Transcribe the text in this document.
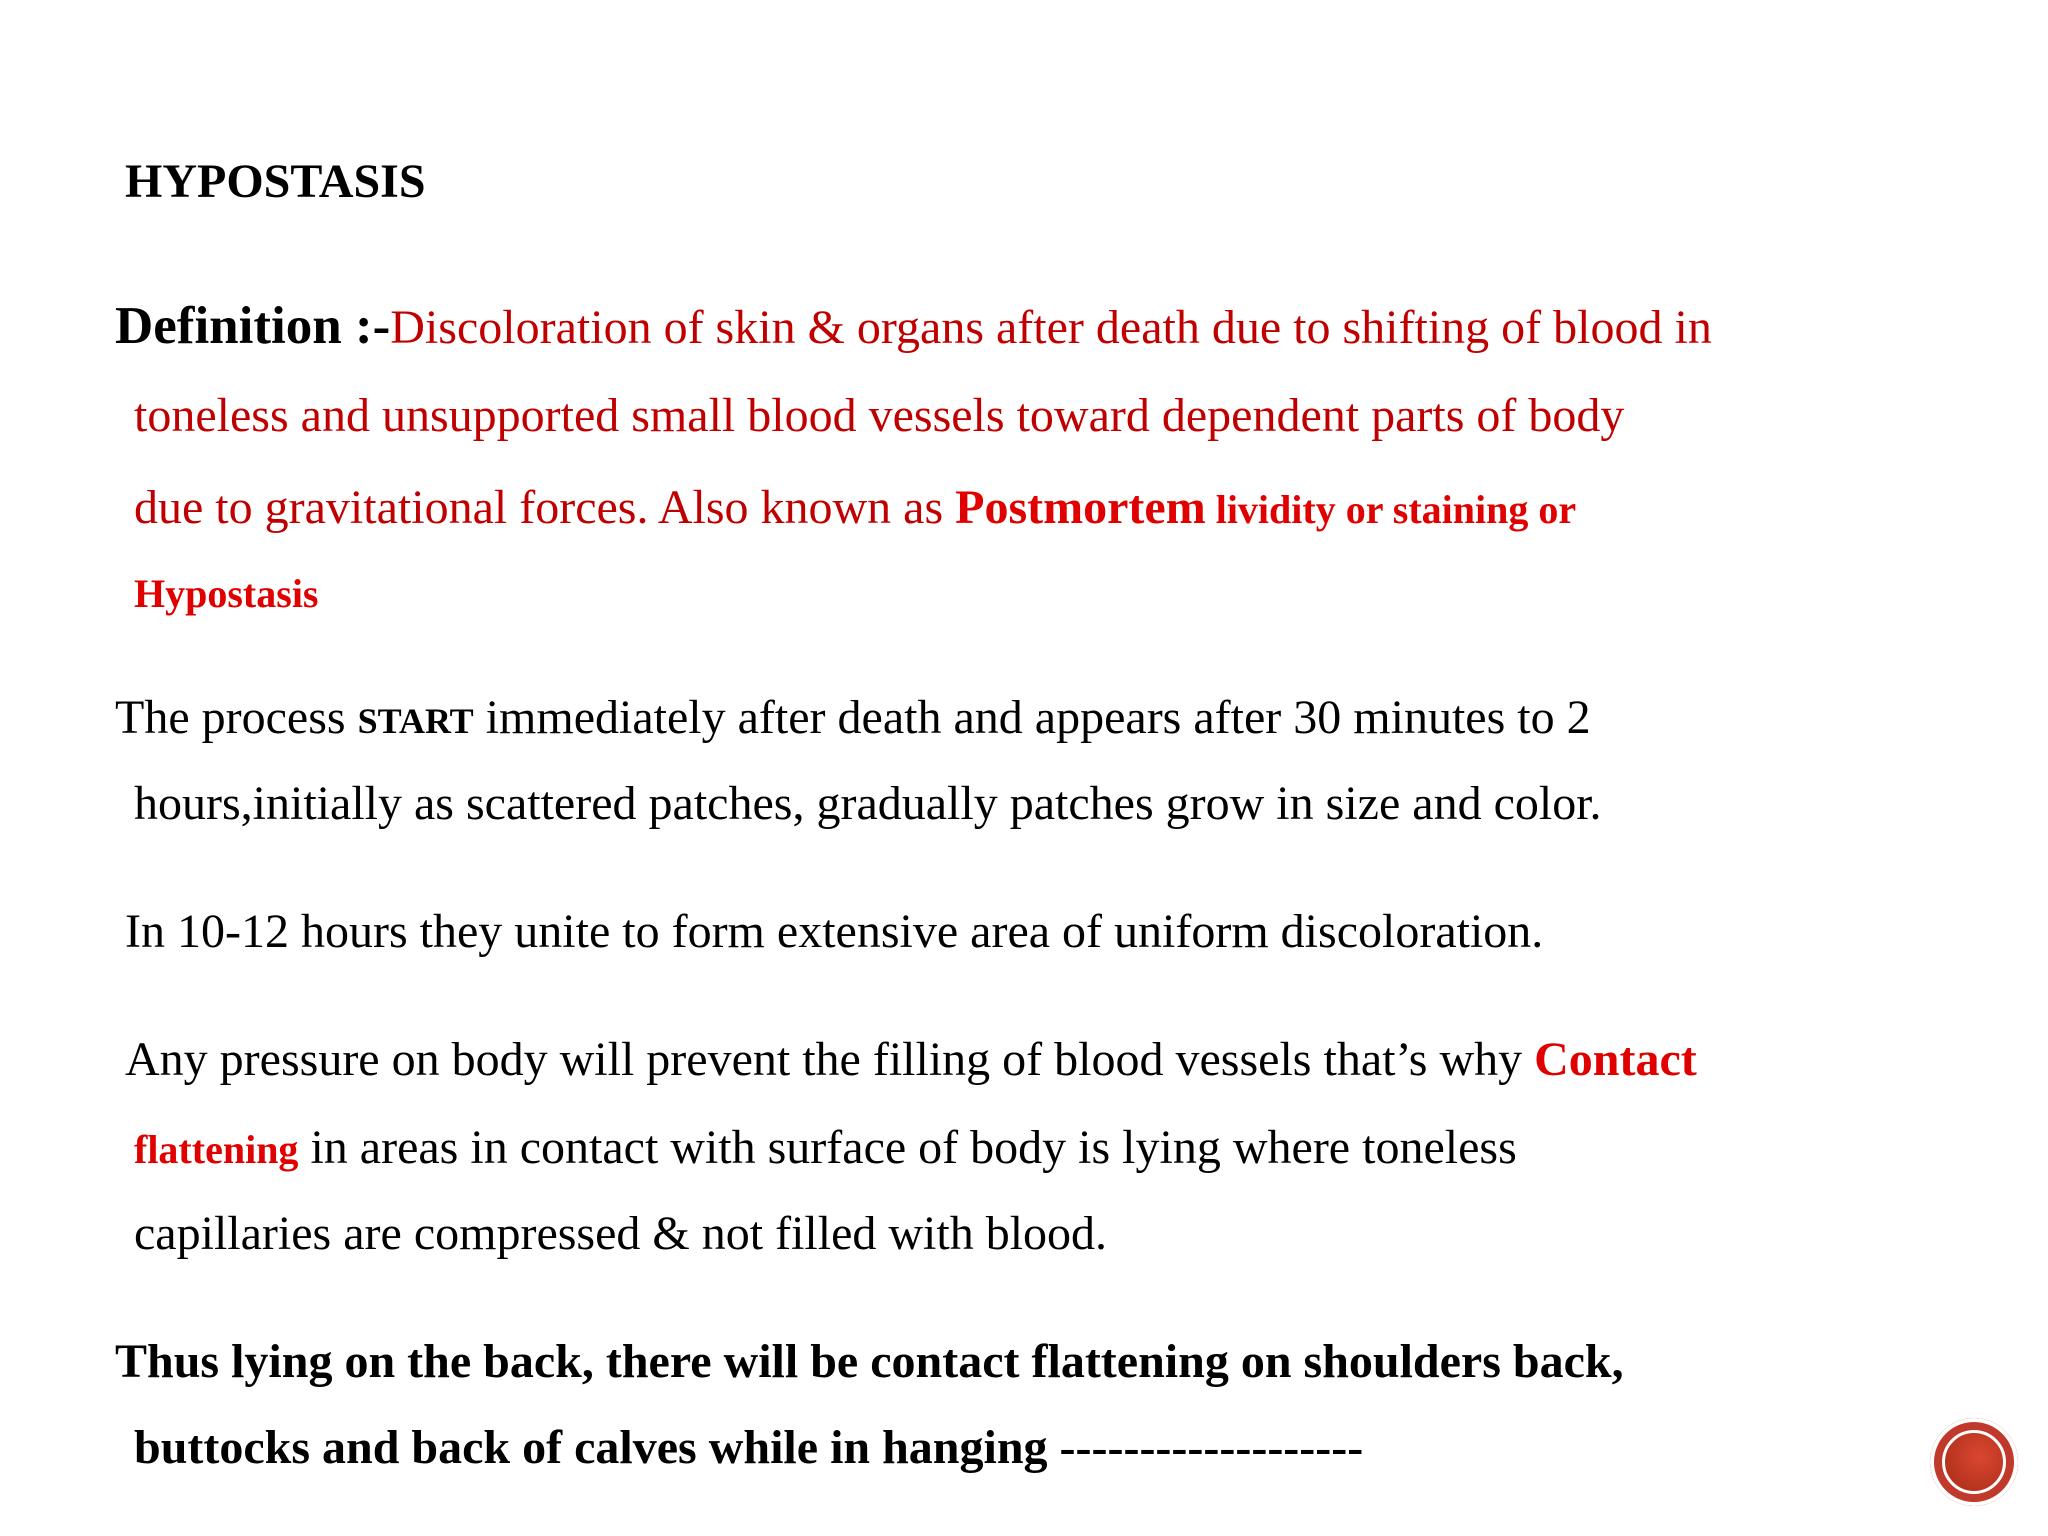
HYPOSTASIS
Definition :-Discoloration of skin & organs after death due to shifting of blood in
toneless and unsupported small blood vessels toward dependent parts of body
due to gravitational forces. Also known as Postmortem lividity or staining or
Hypostasis
The process START immediately after death and appears after 30 minutes to 2
hours,initially as scattered patches, gradually patches grow in size and color.
In 10-12 hours they unite to form extensive area of uniform discoloration.
Any pressure on body will prevent the filling of blood vessels that’s why Contact
flattening in areas in contact with surface of body is lying where toneless
capillaries are compressed & not filled with blood.
Thus lying on the back, there will be contact flattening on shoulders back,
buttocks and back of calves while in hanging -------------------
